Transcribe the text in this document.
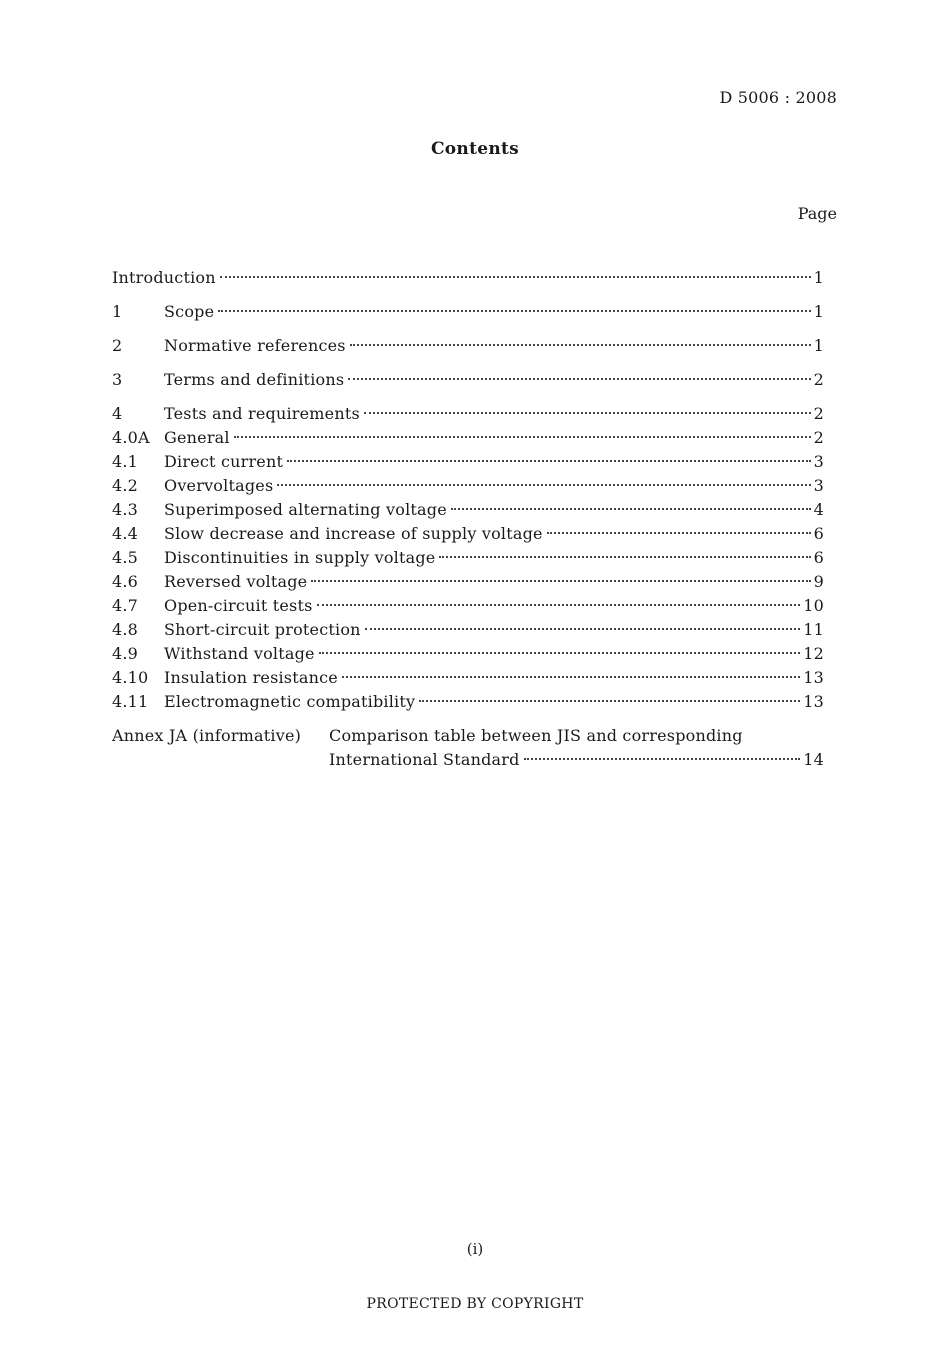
D 5006 : 2008
Contents
Page
Introduction	1
1	Scope	1
2	Normative references	1
3	Terms and definitions	2
4	Tests and requirements	2
4.0A General	2
4.1	Direct current	3
4.2	Overvoltages	3
4.3	Superimposed alternating voltage	4
4.4	Slow decrease and increase of supply voltage	6
4.5	Discontinuities in supply voltage	6
4.6	Reversed voltage	9
4.7	Open-circuit tests	10
4.8	Short-circuit protection	11
4.9	Withstand voltage	12
4.10 Insulation resistance	13
4.11 Electromagnetic compatibility	13
Annex JA (informative)	Comparison table between JIS and corresponding
International Standard	14
(i)
PROTECTED BY COPYRIGHT
